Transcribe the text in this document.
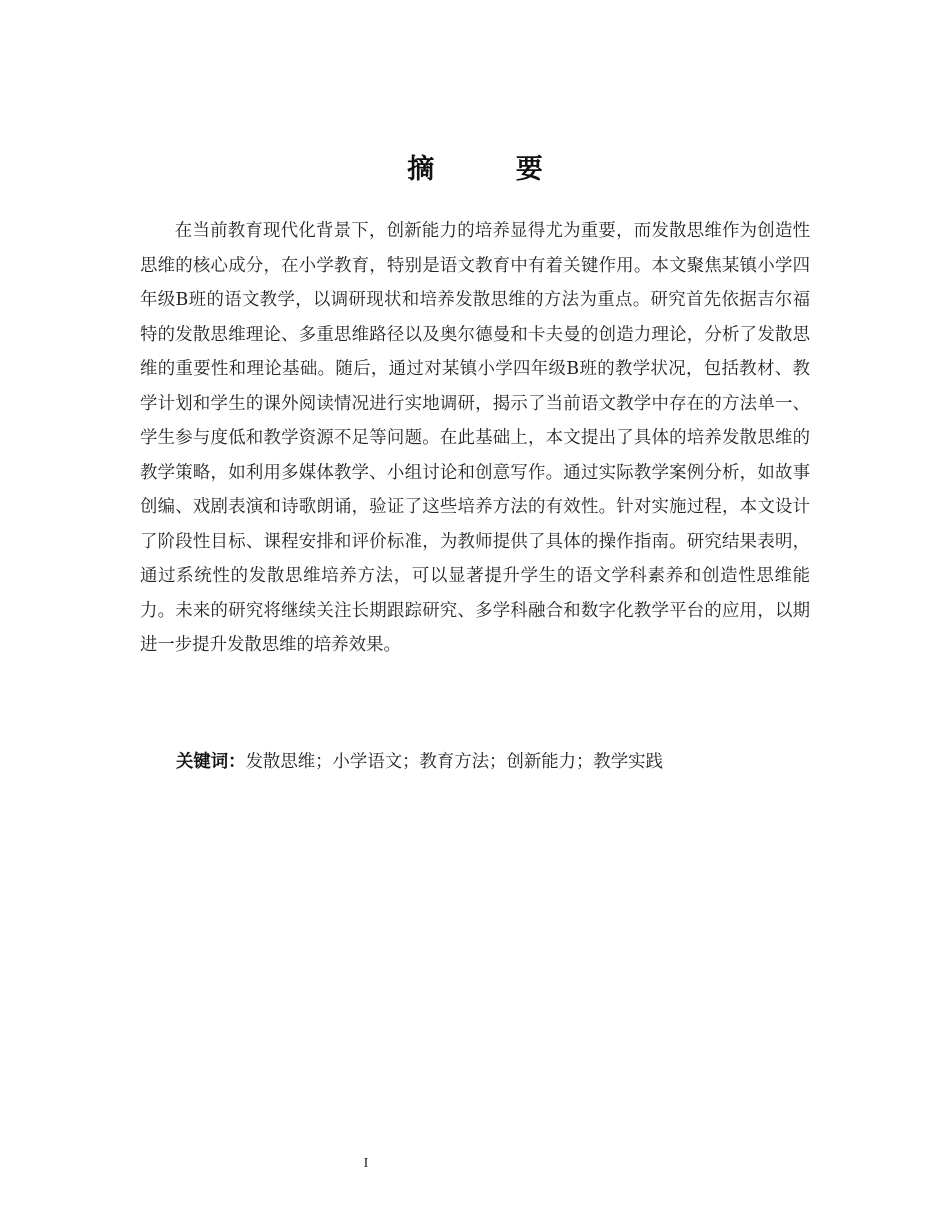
摘 要

在当前教育现代化背景下，创新能力的培养显得尤为重要，而发散思维作为创造性思维的核心成分，在小学教育，特别是语文教育中有着关键作用。本文聚焦某镇小学四年级B班的语文教学，以调研现状和培养发散思维的方法为重点。研究首先依据吉尔福特的发散思维理论、多重思维路径以及奥尔德曼和卡夫曼的创造力理论，分析了发散思维的重要性和理论基础。随后，通过对某镇小学四年级B班的教学状况，包括教材、教学计划和学生的课外阅读情况进行实地调研，揭示了当前语文教学中存在的方法单一、学生参与度低和教学资源不足等问题。在此基础上，本文提出了具体的培养发散思维的教学策略，如利用多媒体教学、小组讨论和创意写作。通过实际教学案例分析，如故事创编、戏剧表演和诗歌朗诵，验证了这些培养方法的有效性。针对实施过程，本文设计了阶段性目标、课程安排和评价标准，为教师提供了具体的操作指南。研究结果表明，通过系统性的发散思维培养方法，可以显著提升学生的语文学科素养和创造性思维能力。未来的研究将继续关注长期跟踪研究、多学科融合和数字化教学平台的应用，以期进一步提升发散思维的培养效果。

关键词：发散思维；小学语文；教育方法；创新能力；教学实践
I
